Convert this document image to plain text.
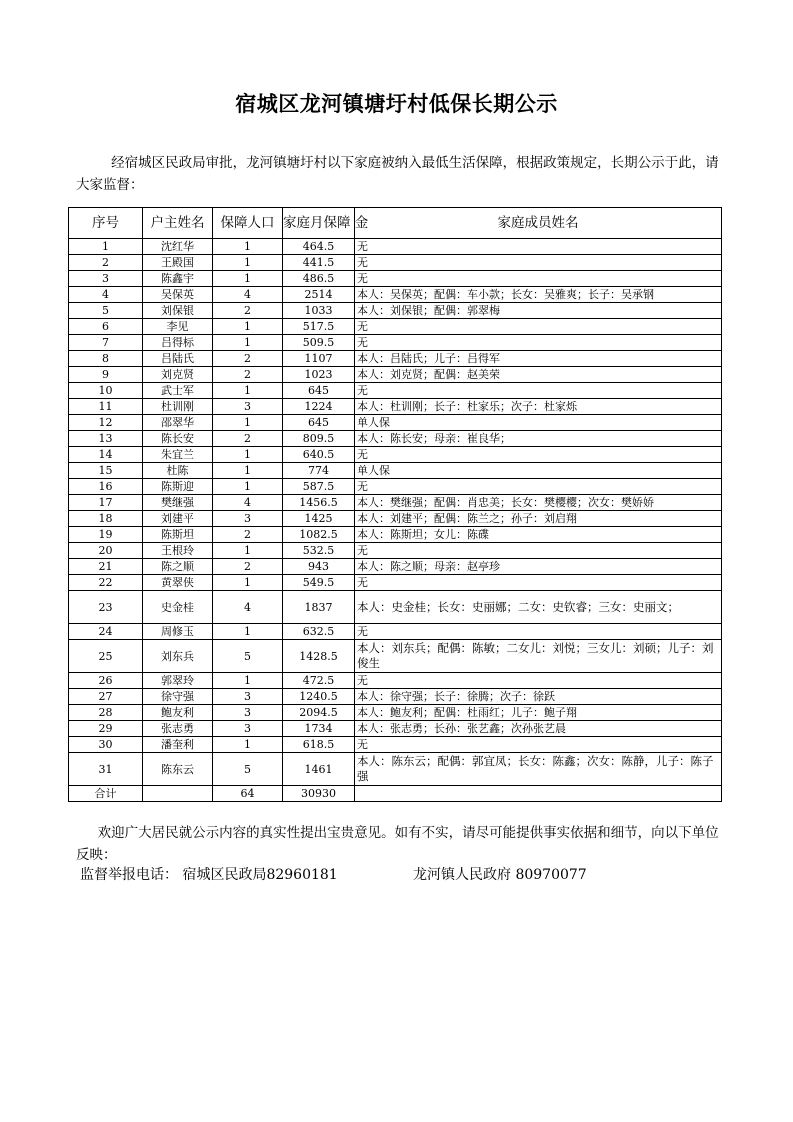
宿城区龙河镇塘圩村低保长期公示
经宿城区民政局审批，龙河镇塘圩村以下家庭被纳入最低生活保障，根据政策规定，长期公示于此，请大家监督：
序号	户主姓名	保障人口	家庭月保障 金	家庭成员姓名
1	沈红华	1	464.5	无
2	王殿国	1	441.5	无
3	陈鑫宇	1	486.5	无
4	吴保英	4	2514	本人：吴保英；配偶：车小款；长女：吴雅爽；长子：吴承钢
5	刘保银	2	1033	本人：刘保银；配偶：郭翠梅
6	李见	1	517.5	无
7	吕得标	1	509.5	无
8	吕陆氏	2	1107	本人：吕陆氏；儿子：吕得军
9	刘克贤	2	1023	本人：刘克贤；配偶：赵美荣
10	武士军	1	645	无
11	杜训刚	3	1224	本人：杜训刚；长子：杜家乐；次子：杜家烁
12	邵翠华	1	645	单人保
13	陈长安	2	809.5	本人：陈长安；母亲：崔良华；
14	朱宜兰	1	640.5	无
15	杜陈	1	774	单人保
16	陈斯迎	1	587.5	无
17	樊继强	4	1456.5	本人：樊继强；配偶：肖忠美；长女：樊樱樱；次女：樊娇娇
18	刘建平	3	1425	本人：刘建平；配偶：陈兰之；孙子：刘启翔
19	陈斯坦	2	1082.5	本人：陈斯坦；女儿：陈碟
20	王根玲	1	532.5	无
21	陈之顺	2	943	本人：陈之顺；母亲：赵亭珍
22	黄翠侠	1	549.5	无
23	史金桂	4	1837	本人：史金桂；长女：史丽娜；二女：史钦睿；三女：史丽文；
24	周修玉	1	632.5	无
25	刘东兵	5	1428.5	本人：刘东兵；配偶：陈敏；二女儿：刘悦；三女儿：刘硕；儿子：刘俊生
26	郭翠玲	1	472.5	无
27	徐守强	3	1240.5	本人：徐守强；长子：徐腾；次子：徐跃
28	鲍友利	3	2094.5	本人：鲍友利；配偶：杜雨红；儿子：鲍子翔
29	张志勇	3	1734	本人：张志勇；长孙：张艺鑫；次孙张艺晨
30	潘奎利	1	618.5	无
31	陈东云	5	1461	本人：陈东云；配偶：郭宜凤；长女：陈鑫；次女：陈静，儿子：陈子强
合计		64	30930	
欢迎广大居民就公示内容的真实性提出宝贵意见。如有不实，请尽可能提供事实依据和细节，向以下单位反映：
监督举报电话： 宿城区民政局82960181	龙河镇人民政府 80970077
